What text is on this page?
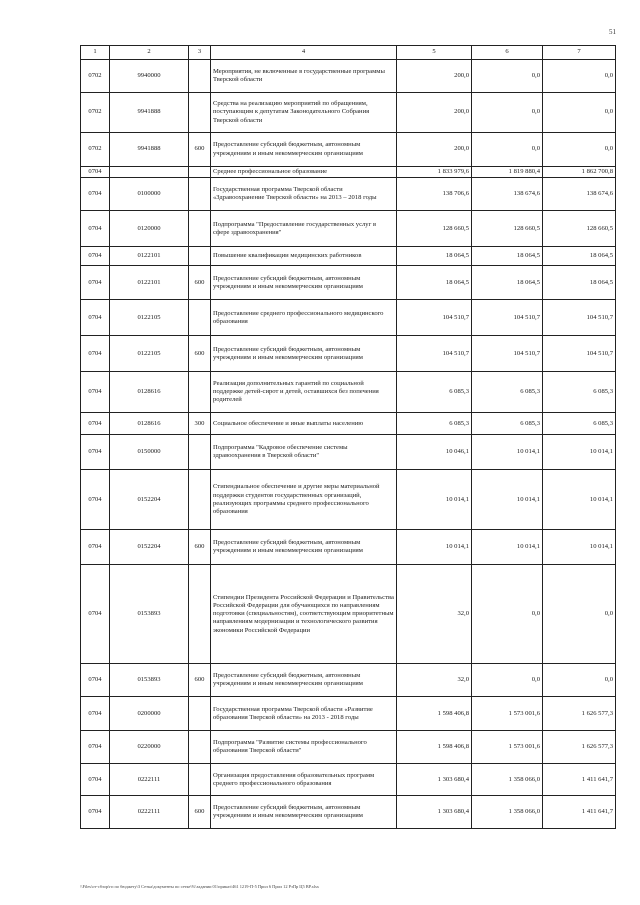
51
1	2	3	4	5	6	7
0702	9940000		Мероприятия, не включенные в государственные программы Тверской области	200,0	0,0	0,0
0702	9941888		Средства на реализацию мероприятий по обращениям, поступающим к депутатам Законодательного Собрания Тверской области	200,0	0,0	0,0
0702	9941888	600	Предоставление субсидий бюджетным, автономным учреждениям и иным некоммерческим организациям	200,0	0,0	0,0
0704			Среднее профессиональное образование	1 833 979,6	1 819 880,4	1 862 700,8
0704	0100000		Государственная программа Тверской области «Здравоохранение Тверской области» на 2013 – 2018 годы	138 706,6	138 674,6	138 674,6
0704	0120000		Подпрограмма "Предоставление государственных услуг в сфере здравоохранения"	128 660,5	128 660,5	128 660,5
0704	0122101		Повышение квалификации медицинских работников	18 064,5	18 064,5	18 064,5
0704	0122101	600	Предоставление субсидий бюджетным, автономным учреждениям и иным некоммерческим организациям	18 064,5	18 064,5	18 064,5
0704	0122105		Предоставление среднего профессионального медицинского образования	104 510,7	104 510,7	104 510,7
0704	0122105	600	Предоставление субсидий бюджетным, автономным учреждениям и иным некоммерческим организациям	104 510,7	104 510,7	104 510,7
0704	0128616		Реализация дополнительных гарантий по социальной поддержке детей-сирот и детей, оставшихся без попечения родителей	6 085,3	6 085,3	6 085,3
0704	0128616	300	Социальное обеспечение и иные выплаты населению	6 085,3	6 085,3	6 085,3
0704	0150000		Подпрограмма "Кадровое обеспечение системы здравоохранения в Тверской области"	10 046,1	10 014,1	10 014,1
0704	0152204		Стипендиальное обеспечение и другие меры материальной поддержки студентов государственных организаций, реализующих программы среднего профессионального образования	10 014,1	10 014,1	10 014,1
0704	0152204	600	Предоставление субсидий бюджетным, автономным учреждениям и иным некоммерческим организациям	10 014,1	10 014,1	10 014,1
0704	0153893		Стипендии Президента Российской Федерации и Правительства Российской Федерации для обучающихся по направлениям подготовки (специальностям), соответствующим приоритетным направлениям модернизации и технологического развития экономики Российской Федерации	32,0	0,0	0,0
0704	0153893	600	Предоставление субсидий бюджетным, автономным учреждениям и иным некоммерческим организациям	32,0	0,0	0,0
0704	0200000		Государственная программа Тверской области «Развитие образования Тверской области» на 2013 - 2018 годы	1 598 406,8	1 573 001,6	1 626 577,3
0704	0220000		Подпрограмма "Развитие системы профессионального образования Тверской области"	1 598 406,8	1 573 001,6	1 626 577,3
0704	0222111		Организация предоставления образовательных программ среднего профессионального образования	1 303 680,4	1 358 066,0	1 411 641,7
0704	0222111	600	Предоставление субсидий бюджетным, автономным учреждениям и иным некоммерческим организациям	1 303 680,4	1 358 066,0	1 411 641,7
\\Files\от-сбзор\гп по бюджету\3 Сетка\документы по сетке\%\задании 01\приказ\461 1219-П-5 Прил 6 Прил 12 РзПр Ц5 ВР.xlsx
